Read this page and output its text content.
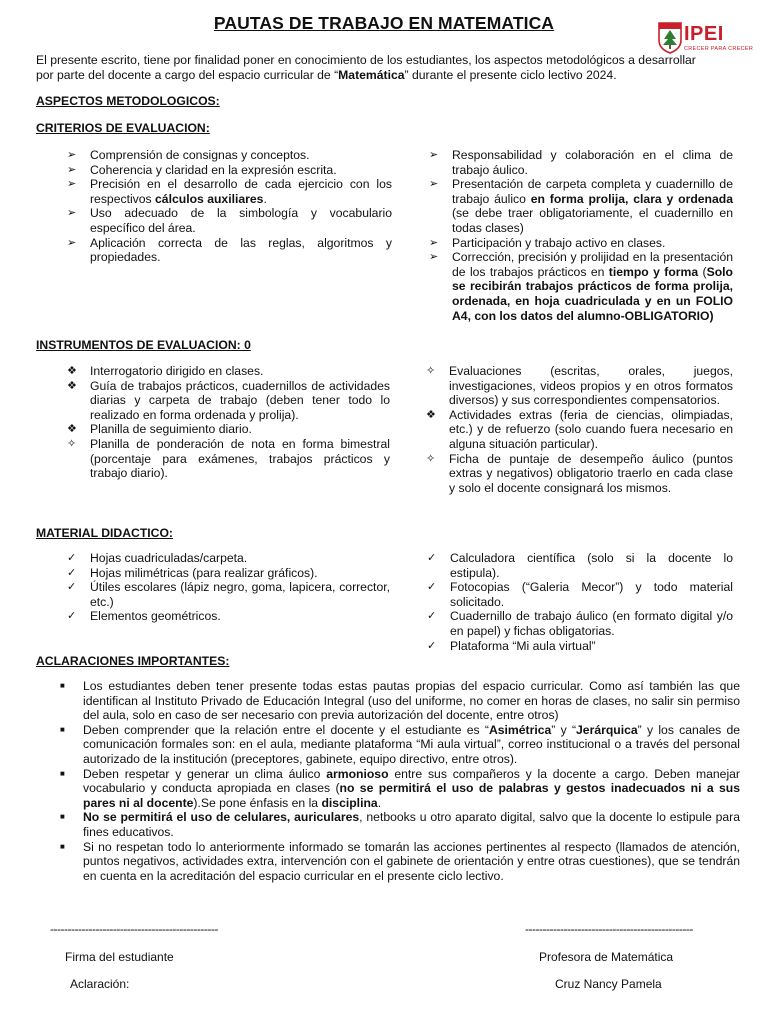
PAUTAS DE TRABAJO EN MATEMATICA	IPEI
CRECER PARA CRECER
El presente escrito, tiene por finalidad poner en conocimiento de los estudiantes, los aspectos metodológicos a desarrollar por parte del docente a cargo del espacio curricular de “Matemática” durante el presente ciclo lectivo 2024.
ASPECTOS METODOLOGICOS:
CRITERIOS DE EVALUACION:
➢ Comprensión de consignas y conceptos.
➢ Coherencia y claridad en la expresión escrita.
➢ Precisión en el desarrollo de cada ejercicio con los respectivos cálculos auxiliares.
➢ Uso adecuado de la simbología y vocabulario específico del área.
➢ Aplicación correcta de las reglas, algoritmos y propiedades.
➢ Responsabilidad y colaboración en el clima de trabajo áulico.
➢ Presentación de carpeta completa y cuadernillo de trabajo áulico en forma prolija, clara y ordenada (se debe traer obligatoriamente, el cuadernillo en todas clases)
➢ Participación y trabajo activo en clases.
➢ Corrección, precisión y prolijidad en la presentación de los trabajos prácticos en tiempo y forma (Solo se recibirán trabajos prácticos de forma prolija, ordenada, en hoja cuadriculada y en un FOLIO A4, con los datos del alumno-OBLIGATORIO)
INSTRUMENTOS DE EVALUACION: 0
❖ Interrogatorio dirigido en clases.
❖ Guía de trabajos prácticos, cuadernillos de actividades diarias y carpeta de trabajo (deben tener todo lo realizado en forma ordenada y prolija).
❖ Planilla de seguimiento diario.
✧ Planilla de ponderación de nota en forma bimestral (porcentaje para exámenes, trabajos prácticos y trabajo diario).
✧ Evaluaciones (escritas, orales, juegos, investigaciones, videos propios y en otros formatos diversos) y sus correspondientes compensatorios.
❖ Actividades extras (feria de ciencias, olimpiadas, etc.) y de refuerzo (solo cuando fuera necesario en alguna situación particular).
✧ Ficha de puntaje de desempeño áulico (puntos extras y negativos) obligatorio traerlo en cada clase y solo el docente consignará los mismos.
MATERIAL DIDACTICO:
✓ Hojas cuadriculadas/carpeta.
✓ Hojas milimétricas (para realizar gráficos).
✓ Útiles escolares (lápiz negro, goma, lapicera, corrector, etc.)
✓ Elementos geométricos.
✓ Calculadora científica (solo si la docente lo estipula).
✓ Fotocopias (“Galeria Mecor”) y todo material solicitado.
✓ Cuadernillo de trabajo áulico (en formato digital y/o en papel) y fichas obligatorias.
✓ Plataforma “Mi aula virtual”
ACLARACIONES IMPORTANTES:
■ Los estudiantes deben tener presente todas estas pautas propias del espacio curricular. Como así también las que identifican al Instituto Privado de Educación Integral (uso del uniforme, no comer en horas de clases, no salir sin permiso del aula, solo en caso de ser necesario con previa autorización del docente, entre otros)
■ Deben comprender que la relación entre el docente y el estudiante es “Asimétrica” y “Jerárquica” y los canales de comunicación formales son: en el aula, mediante plataforma “Mi aula virtual”, correo institucional o a través del personal autorizado de la institución (preceptores, gabinete, equipo directivo, entre otros).
■ Deben respetar y generar un clima áulico armonioso entre sus compañeros y la docente a cargo. Deben manejar vocabulario y conducta apropiada en clases (no se permitirá el uso de palabras y gestos inadecuados ni a sus pares ni al docente).Se pone énfasis en la disciplina.
■ No se permitirá el uso de celulares, auriculares, netbooks u otro aparato digital, salvo que la docente lo estipule para fines educativos.
■ Si no respetan todo lo anteriormente informado se tomarán las acciones pertinentes al respecto (llamados de atención, puntos negativos, actividades extra, intervención con el gabinete de orientación y entre otras cuestiones), que se tendrán en cuenta en la acreditación del espacio curricular en el presente ciclo lectivo.
------------------------------------------------	------------------------------------------------
Firma del estudiante
Aclaración:
Profesora de Matemática
Cruz Nancy Pamela
